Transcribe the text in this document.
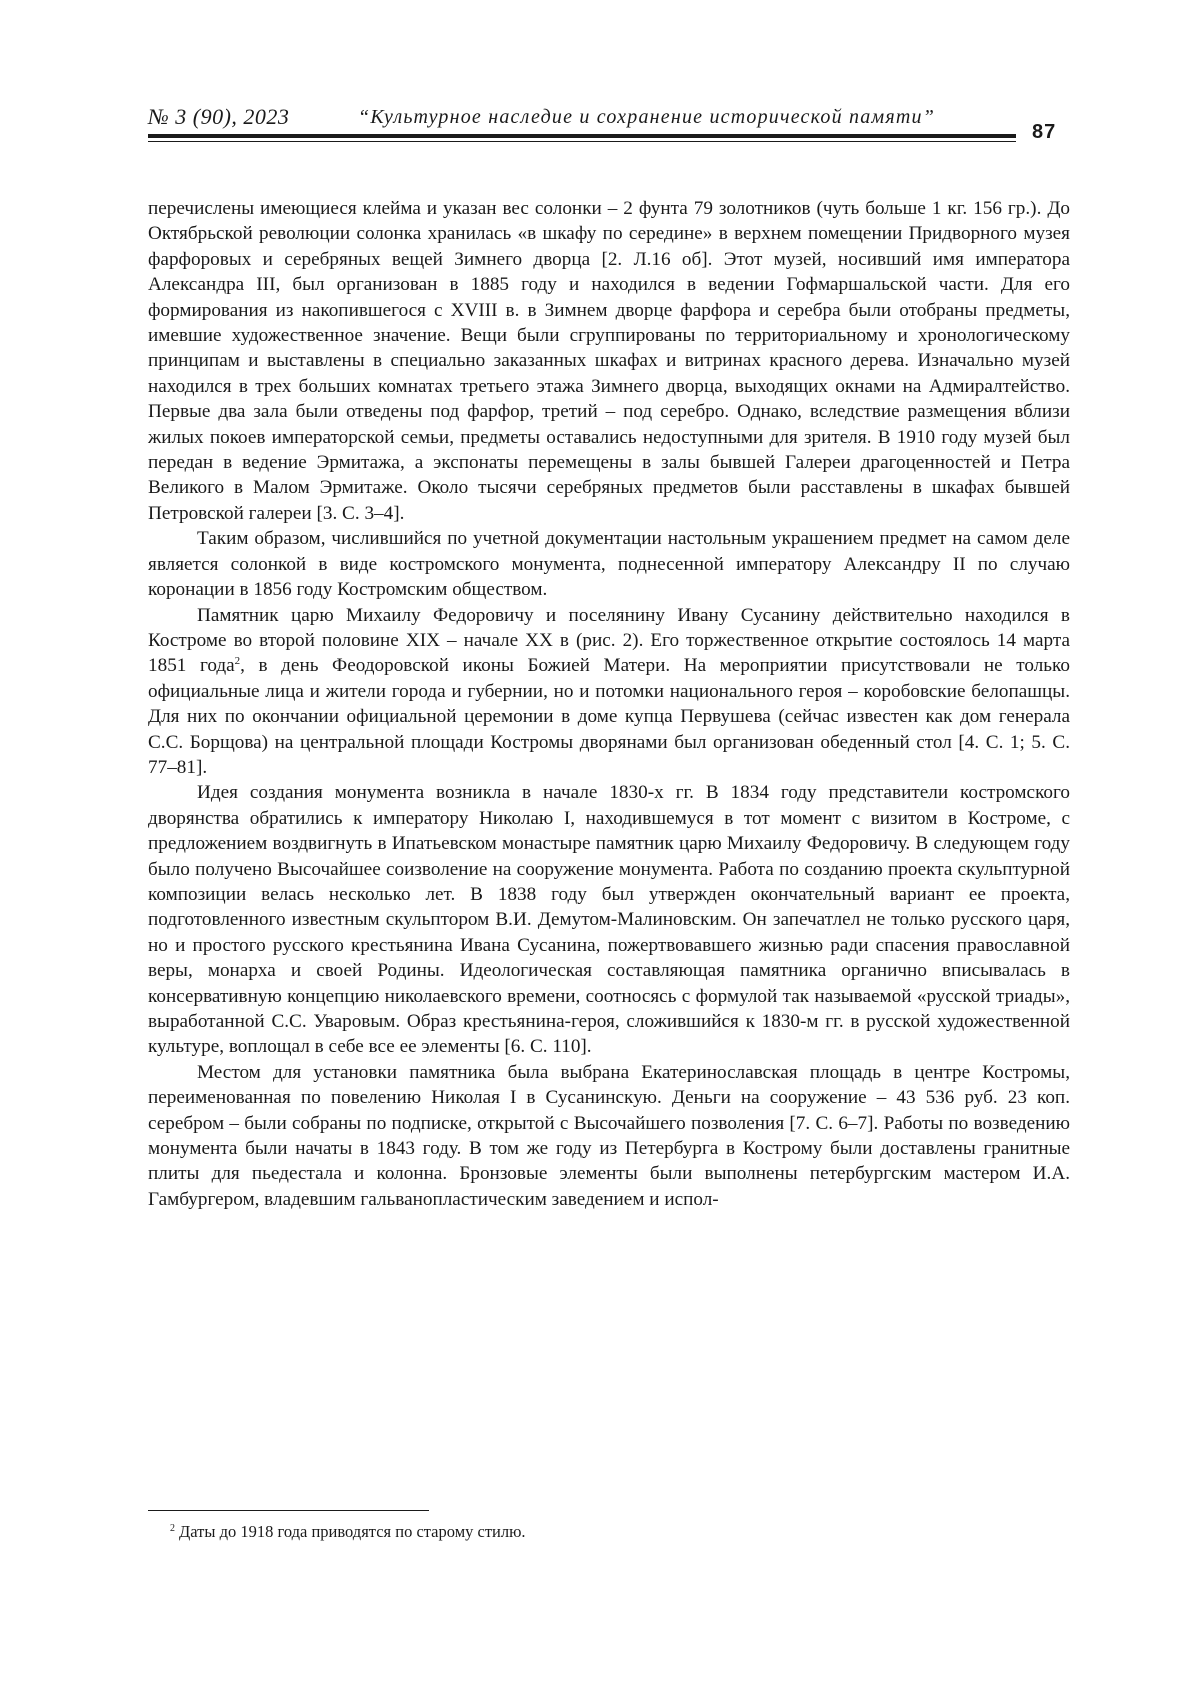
№ 3 (90), 2023	“Культурное наследие и сохранение исторической памяти”
87

перечислены имеющиеся клейма и указан вес солонки – 2 фунта 79 золотников (чуть больше 1 кг. 156 гр.). До Октябрьской революции солонка хранилась «в шкафу по середине» в верхнем помещении Придворного музея фарфоровых и серебряных вещей Зимнего дворца [2. Л.16 об]. Этот музей, носивший имя императора Александра III, был организован в 1885 году и находился в ведении Гофмаршальской части. Для его формирования из накопившегося с XVIII в. в Зимнем дворце фарфора и серебра были отобраны предметы, имевшие художественное значение. Вещи были сгруппированы по территориальному и хронологическому принципам и выставлены в специально заказанных шкафах и витринах красного дерева. Изначально музей находился в трех больших комнатах третьего этажа Зимнего дворца, выходящих окнами на Адмиралтейство. Первые два зала были отведены под фарфор, третий – под серебро. Однако, вследствие размещения вблизи жилых покоев императорской семьи, предметы оставались недоступными для зрителя. В 1910 году музей был передан в ведение Эрмитажа, а экспонаты перемещены в залы бывшей Галереи драгоценностей и Петра Великого в Малом Эрмитаже. Около тысячи серебряных предметов были расставлены в шкафах бывшей Петровской галереи [3. С. 3–4].

Таким образом, числившийся по учетной документации настольным украшением предмет на самом деле является солонкой в виде костромского монумента, поднесенной императору Александру II по случаю коронации в 1856 году Костромским обществом.

Памятник царю Михаилу Федоровичу и поселянину Ивану Сусанину действительно находился в Костроме во второй половине XIX – начале XX в (рис. 2). Его торжественное открытие состоялось 14 марта 1851 года2, в день Феодоровской иконы Божией Матери. На мероприятии присутствовали не только официальные лица и жители города и губернии, но и потомки национального героя – коробовские белопашцы. Для них по окончании официальной церемонии в доме купца Первушева (сейчас известен как дом генерала С.С. Борщова) на центральной площади Костромы дворянами был организован обеденный стол [4. С. 1; 5. С. 77–81].

Идея создания монумента возникла в начале 1830-х гг. В 1834 году представители костромского дворянства обратились к императору Николаю I, находившемуся в тот момент с визитом в Костроме, с предложением воздвигнуть в Ипатьевском монастыре памятник царю Михаилу Федоровичу. В следующем году было получено Высочайшее соизволение на сооружение монумента. Работа по созданию проекта скульптурной композиции велась несколько лет. В 1838 году был утвержден окончательный вариант ее проекта, подготовленного известным скульптором В.И. Демутом-Малиновским. Он запечатлел не только русского царя, но и простого русского крестьянина Ивана Сусанина, пожертвовавшего жизнью ради спасения православной веры, монарха и своей Родины. Идеологическая составляющая памятника органично вписывалась в консервативную концепцию николаевского времени, соотносясь с формулой так называемой «русской триады», выработанной С.С. Уваровым. Образ крестьянина-героя, сложившийся к 1830-м гг. в русской художественной культуре, воплощал в себе все ее элементы [6. С. 110].

Местом для установки памятника была выбрана Екатеринославская площадь в центре Костромы, переименованная по повелению Николая I в Сусанинскую. Деньги на сооружение – 43 536 руб. 23 коп. серебром – были собраны по подписке, открытой с Высочайшего позволения [7. С. 6–7]. Работы по возведению монумента были начаты в 1843 году. В том же году из Петербурга в Кострому были доставлены гранитные плиты для пьедестала и колонна. Бронзовые элементы были выполнены петербургским мастером И.А. Гамбургером, владевшим гальванопластическим заведением и испол-

2 Даты до 1918 года приводятся по старому стилю.
